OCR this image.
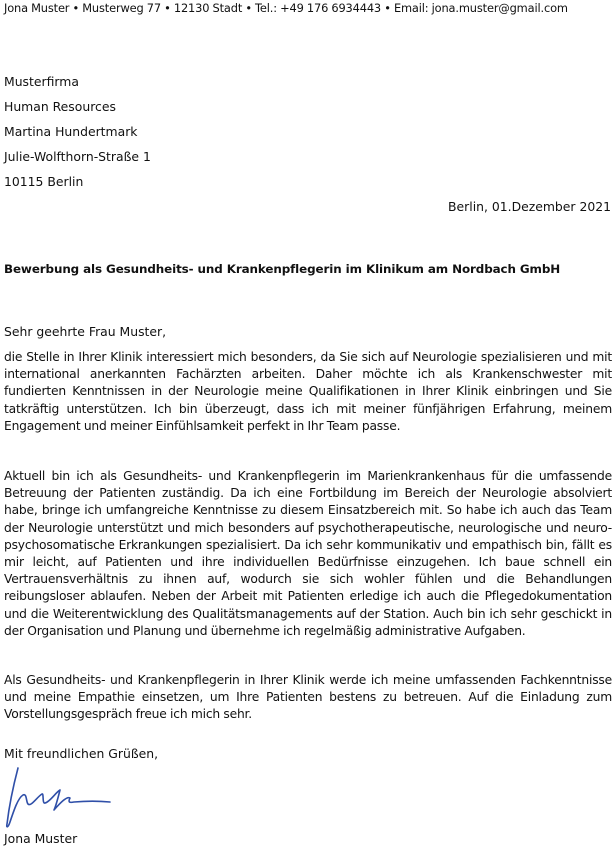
Jona Muster • Musterweg 77 • 12130 Stadt • Tel.: +49 176 6934443 • Email: jona.muster@gmail.com
Musterfirma
Human Resources
Martina Hundertmark
Julie-Wolfthorn-Straße 1
10115 Berlin
Berlin, 01.Dezember 2021
Bewerbung als Gesundheits- und Krankenpflegerin im Klinikum am Nordbach GmbH
Sehr geehrte Frau Muster,

die Stelle in Ihrer Klinik interessiert mich besonders, da Sie sich auf Neurologie spezialisieren und mit international anerkannten Fachärzten arbeiten. Daher möchte ich als Krankenschwester mit fundierten Kenntnissen in der Neurologie meine Qualifikationen in Ihrer Klinik einbringen und Sie tatkräftig unterstützen. Ich bin überzeugt, dass ich mit meiner fünfjährigen Erfahrung, meinem Engagement und meiner Einfühlsamkeit perfekt in Ihr Team passe.

Aktuell bin ich als Gesundheits- und Krankenpflegerin im Marienkrankenhaus für die umfassende Betreuung der Patienten zuständig. Da ich eine Fortbildung im Bereich der Neurologie absolviert habe, bringe ich umfangreiche Kenntnisse zu diesem Einsatzbereich mit. So habe ich auch das Team der Neurologie unterstützt und mich besonders auf psychotherapeutische, neurologische und neuro-psychosomatische Erkrankungen spezialisiert. Da ich sehr kommunikativ und empathisch bin, fällt es mir leicht, auf Patienten und ihre individuellen Bedürfnisse einzugehen. Ich baue schnell ein Vertrauensverhältnis zu ihnen auf, wodurch sie sich wohler fühlen und die Behandlungen reibungsloser ablaufen. Neben der Arbeit mit Patienten erledige ich auch die Pflegedokumentation und die Weiterentwicklung des Qualitätsmanagements auf der Station. Auch bin ich sehr geschickt in der Organisation und Planung und übernehme ich regelmäßig administrative Aufgaben.

Als Gesundheits- und Krankenpflegerin in Ihrer Klinik werde ich meine umfassenden Fachkenntnisse und meine Empathie einsetzen, um Ihre Patienten bestens zu betreuen. Auf die Einladung zum Vorstellungsgespräch freue ich mich sehr.

Mit freundlichen Grüßen,
Jona Muster
